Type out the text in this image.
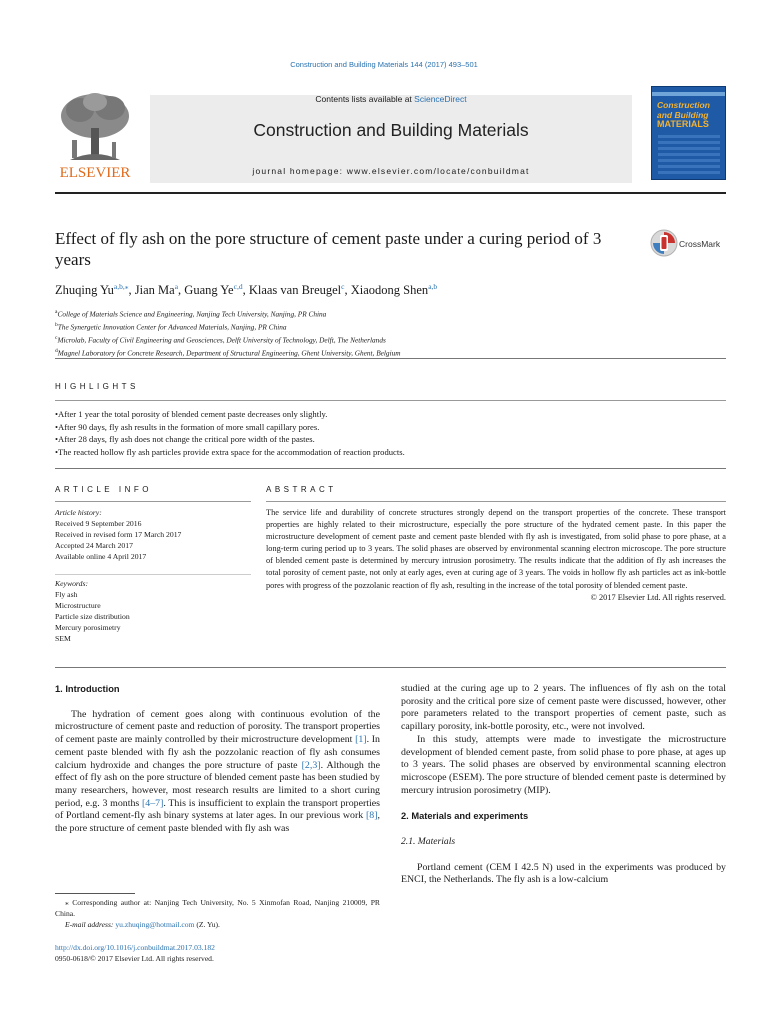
Construction and Building Materials 144 (2017) 493–501
ELSEVIER
Contents lists available at ScienceDirect
Construction and Building Materials
journal homepage: www.elsevier.com/locate/conbuildmat
Construction
and Building
MATERIALS
Effect of fly ash on the pore structure of cement paste under a curing period of 3 years
CrossMark
Zhuqing $Yu^{a,b,⁎}$, Jian Ma$^a$, Guang Ye$^{c,d}$, Klaas van Breugel$^c$, Xiaodong Shen$^{a,b}$
$^a$College of Materials Science and Engineering, Nanjing Tech University, Nanjing, PR China
$^b$The Synergetic Innovation Center for Advanced Materials, Nanjing, PR China
$^c$Microlab, Faculty of Civil Engineering and Geosciences, Delft University of Technology, Delft, The Netherlands
$^d$Magnel Laboratory for Concrete Research, Department of Structural Engineering, Ghent University, Ghent, Belgium
HIGHLIGHTS
•After 1 year the total porosity of blended cement paste decreases only slightly.
•After 90 days, fly ash results in the formation of more small capillary pores.
•After 28 days, fly ash does not change the critical pore width of the pastes.
•The reacted hollow fly ash particles provide extra space for the accommodation of reaction products.
ARTICLE INFO	ABSTRACT
Article history:
Received 9 September 2016
Received in revised form 17 March 2017
Accepted 24 March 2017
Available online 4 April 2017
Keywords:
Fly ash
Microstructure
Particle size distribution
Mercury porosimetry
SEM
The service life and durability of concrete structures strongly depend on the transport properties of the concrete. These transport properties are highly related to their microstructure, especially the pore structure of the hydrated cement paste. In this paper the microstructure development of cement paste and cement paste blended with fly ash is investigated, from solid phase to pore phase, at a long-term curing period up to 3 years. The solid phases are observed by environmental scanning electron microscope. The pore structure of blended cement paste is determined by mercury intrusion porosimetry. The results indicate that the addition of fly ash increases the total porosity of cement paste, not only at early ages, even at curing age of 3 years. The voids in hollow fly ash particles act as ink-bottle pores with progress of the pozzolanic reaction of fly ash, resulting in the increase of the total porosity of blended cement paste.
© 2017 Elsevier Ltd. All rights reserved.
1. Introduction
The hydration of cement goes along with continuous evolution of the microstructure of cement paste and reduction of porosity. The transport properties of cement paste are mainly controlled by their microstructure development [1]. In cement paste blended with fly ash the pozzolanic reaction of fly ash consumes calcium hydroxide and changes the pore structure of paste [2,3]. Although the effect of fly ash on the pore structure of blended cement paste has been studied by many researchers, however, most research results are limited to a short curing period, e.g. 3 months [4–7]. This is insufficient to explain the transport properties of Portland cement-fly ash binary systems at later ages. In our previous work [8], the pore structure of cement paste blended with fly ash was
studied at the curing age up to 2 years. The influences of fly ash on the total porosity and the critical pore size of cement paste were discussed, however, other pore parameters related to the transport properties of cement paste, such as capillary porosity, ink-bottle porosity, etc., were not involved.
In this study, attempts were made to investigate the microstructure development of blended cement paste, from solid phase to pore phase, at ages up to 3 years. The solid phases are observed by environmental scanning electron microscope (ESEM). The pore structure of blended cement paste is determined by mercury intrusion porosimetry (MIP).
2. Materials and experiments
2.1. Materials
Portland cement (CEM I 42.5 N) used in the experiments was produced by ENCI, the Netherlands. The fly ash is a low-calcium
⁎ Corresponding author at: Nanjing Tech University, No. 5 Xinmofan Road, Nanjing 210009, PR China.
E-mail address: yu.zhuqing@hotmail.com (Z. Yu).
http://dx.doi.org/10.1016/j.conbuildmat.2017.03.182
0950-0618/© 2017 Elsevier Ltd. All rights reserved.
